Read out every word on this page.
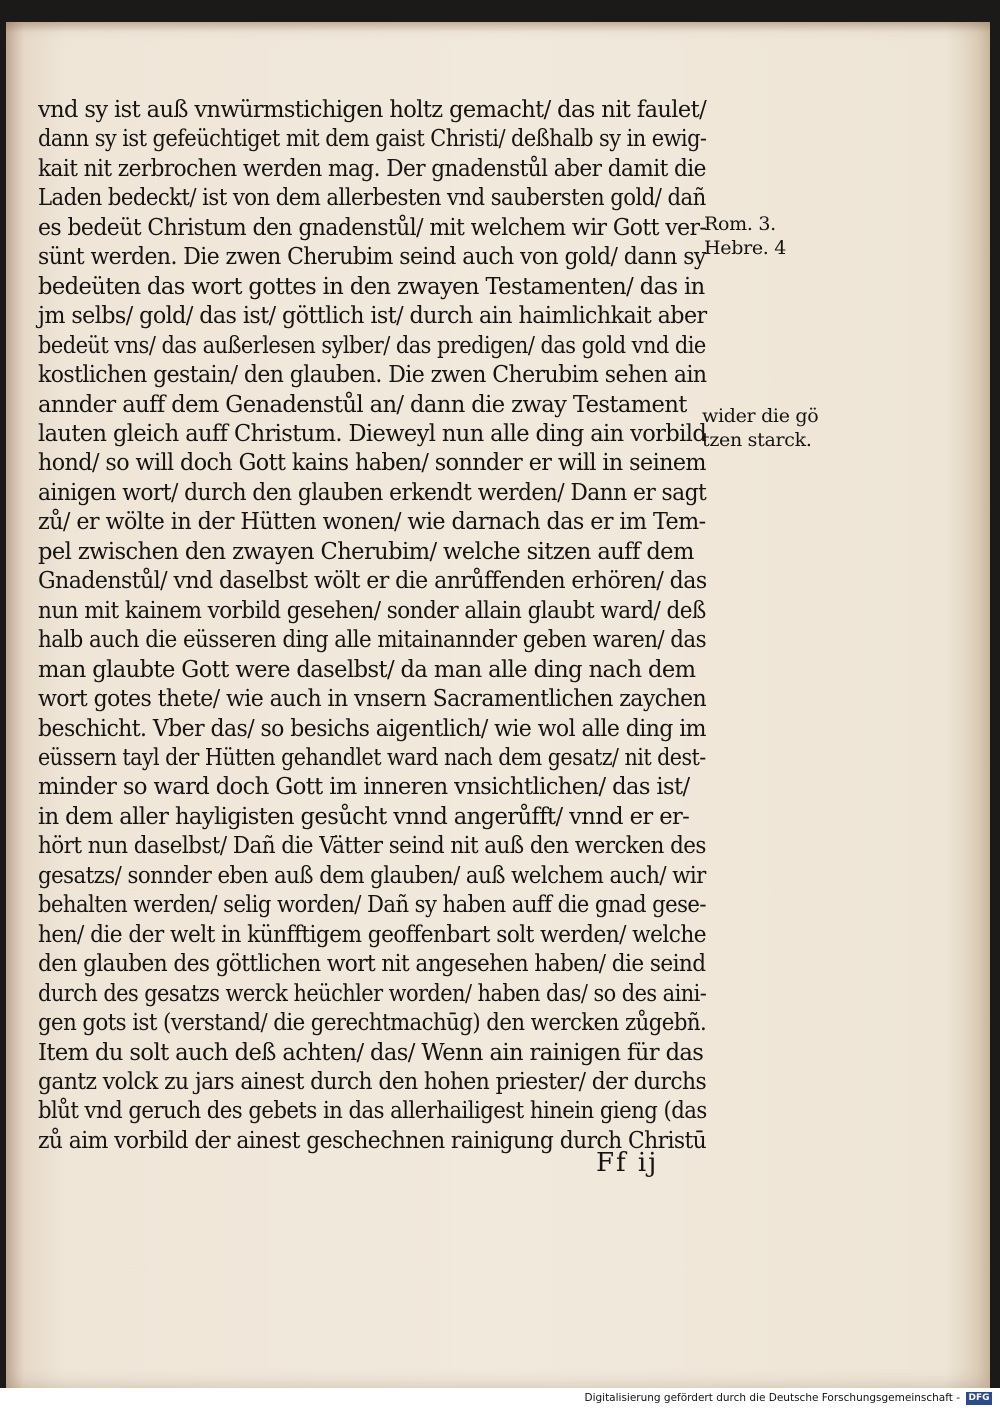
vnd sy ist auß vnwürmstichigen holtz gemacht/ das nit faulet/
dann sy ist gefeüchtiget mit dem gaist Christi/ deßhalb sy in ewig-
kait nit zerbrochen werden mag. Der gnadenstůl aber damit die
Laden bedeckt/ ist von dem allerbesten vnd saubersten gold/ dañ
es bedeüt Christum den gnadenstůl/ mit welchem wir Gott ver-
sünt werden. Die zwen Cherubim seind auch von gold/ dann sy
bedeüten das wort gottes in den zwayen Testamenten/ das in
jm selbs/ gold/ das ist/ göttlich ist/ durch ain haimlichkait aber
bedeüt vns/ das außerlesen sylber/ das predigen/ das gold vnd die
kostlichen gestain/ den glauben. Die zwen Cherubim sehen ain
annder auff dem Genadenstůl an/ dann die zway Testament
lauten gleich auff Christum. Dieweyl nun alle ding ain vorbild
hond/ so will doch Gott kains haben/ sonnder er will in seinem
ainigen wort/ durch den glauben erkendt werden/ Dann er sagt
zů/ er wölte in der Hütten wonen/ wie darnach das er im Tem-
pel zwischen den zwayen Cherubim/ welche sitzen auff dem
Gnadenstůl/ vnd daselbst wölt er die anrůffenden erhören/ das
nun mit kainem vorbild gesehen/ sonder allain glaubt ward/ deß
halb auch die eüsseren ding alle mitainannder geben waren/ das
man glaubte Gott were daselbst/ da man alle ding nach dem
wort gotes thete/ wie auch in vnsern Sacramentlichen zaychen
beschicht. Vber das/ so besichs aigentlich/ wie wol alle ding im
eüssern tayl der Hütten gehandlet ward nach dem gesatz/ nit dest-
minder so ward doch Gott im inneren vnsichtlichen/ das ist/
in dem aller hayligisten gesůcht vnnd angerůfft/ vnnd er er-
hört nun daselbst/ Dañ die Vätter seind nit auß den wercken des
gesatzs/ sonnder eben auß dem glauben/ auß welchem auch/ wir
behalten werden/ selig worden/ Dañ sy haben auff die gnad gese-
hen/ die der welt in künfftigem geoffenbart solt werden/ welche
den glauben des göttlichen wort nit angesehen haben/ die seind
durch des gesatzs werck heüchler worden/ haben das/ so des aini-
gen gots ist (verstand/ die gerechtmachūg) den wercken zůgebñ.
Item du solt auch deß achten/ das/ Wenn ain rainigen für das
gantz volck zu jars ainest durch den hohen priester/ der durchs
blůt vnd geruch des gebets in das allerhailigest hinein gieng (das
zů aim vorbild der ainest geschechnen rainigung durch Christū
Ff ij
Rom. 3.
Hebre. 4
wider die gö
tzen starck.
Digitalisierung gefördert durch die Deutsche Forschungsgemeinschaft - DFG
